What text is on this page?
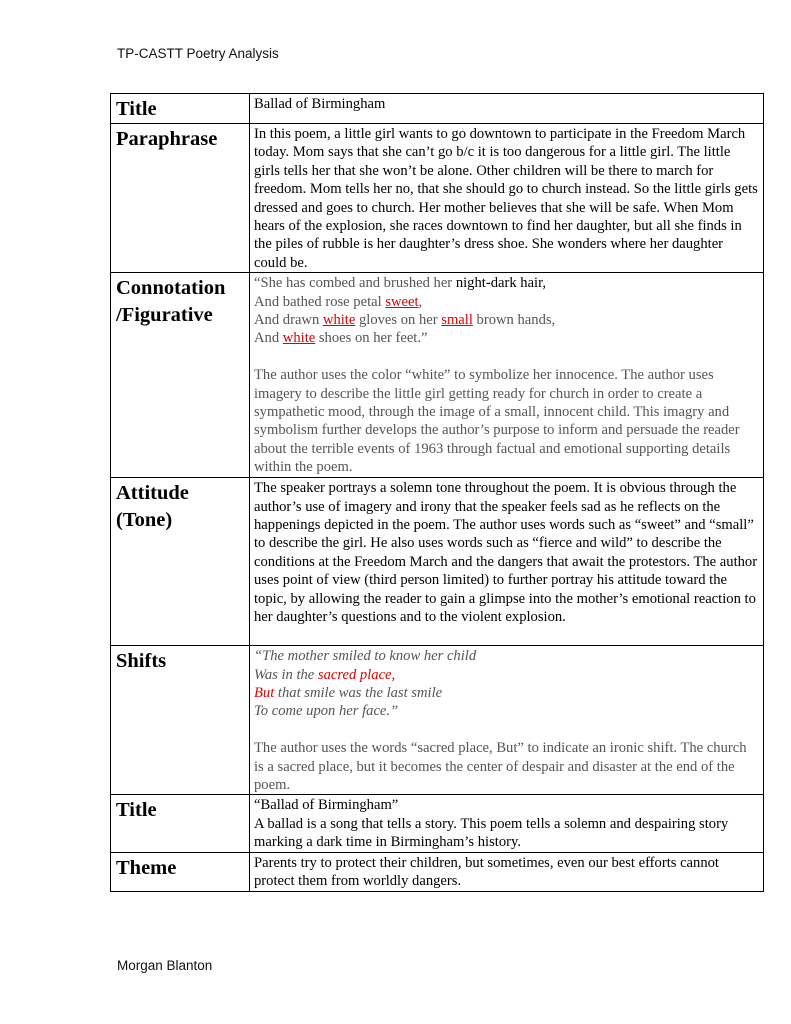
TP-CASTT Poetry Analysis
Title	Ballad of Birmingham

Paraphrase	In this poem, a little girl wants to go downtown to participate in the Freedom March today. Mom says that she can’t go b/c it is too dangerous for a little girl. The little girls tells her that she won’t be alone. Other children will be there to march for freedom. Mom tells her no, that she should go to church instead. So the little girls gets dressed and goes to church. Her mother believes that she will be safe. When Mom hears of the explosion, she races downtown to find her daughter, but all she finds in the piles of rubble is her daughter’s dress shoe. She wonders where her daughter could be.

Connotation
/Figurative	“She has combed and brushed her night-dark hair,
And bathed rose petal sweet,
And drawn white gloves on her small brown hands,
And white shoes on her feet.”
The author uses the color “white” to symbolize her innocence. The author uses imagery to describe the little girl getting ready for church in order to create a sympathetic mood, through the image of a small, innocent child. This imagry and symbolism further develops the author’s purpose to inform and persuade the reader about the terrible events of 1963 through factual and emotional supporting details within the poem.

Attitude
(Tone)	The speaker portrays a solemn tone throughout the poem. It is obvious through the author’s use of imagery and irony that the speaker feels sad as he reflects on the happenings depicted in the poem. The author uses words such as “sweet” and “small” to describe the girl. He also uses words such as “fierce and wild” to describe the conditions at the Freedom March and the dangers that await the protestors. The author uses point of view (third person limited) to further portray his attitude toward the topic, by allowing the reader to gain a glimpse into the mother’s emotional reaction to her daughter’s questions and to the violent explosion.

Shifts	“The mother smiled to know her child
Was in the sacred place,
But that smile was the last smile
To come upon her face.”
The author uses the words “sacred place, But” to indicate an ironic shift. The church is a sacred place, but it becomes the center of despair and disaster at the end of the poem.

Title	“Ballad of Birmingham”
A ballad is a song that tells a story. This poem tells a solemn and despairing story marking a dark time in Birmingham’s history.

Theme	Parents try to protect their children, but sometimes, even our best efforts cannot protect them from worldly dangers.
Morgan Blanton
